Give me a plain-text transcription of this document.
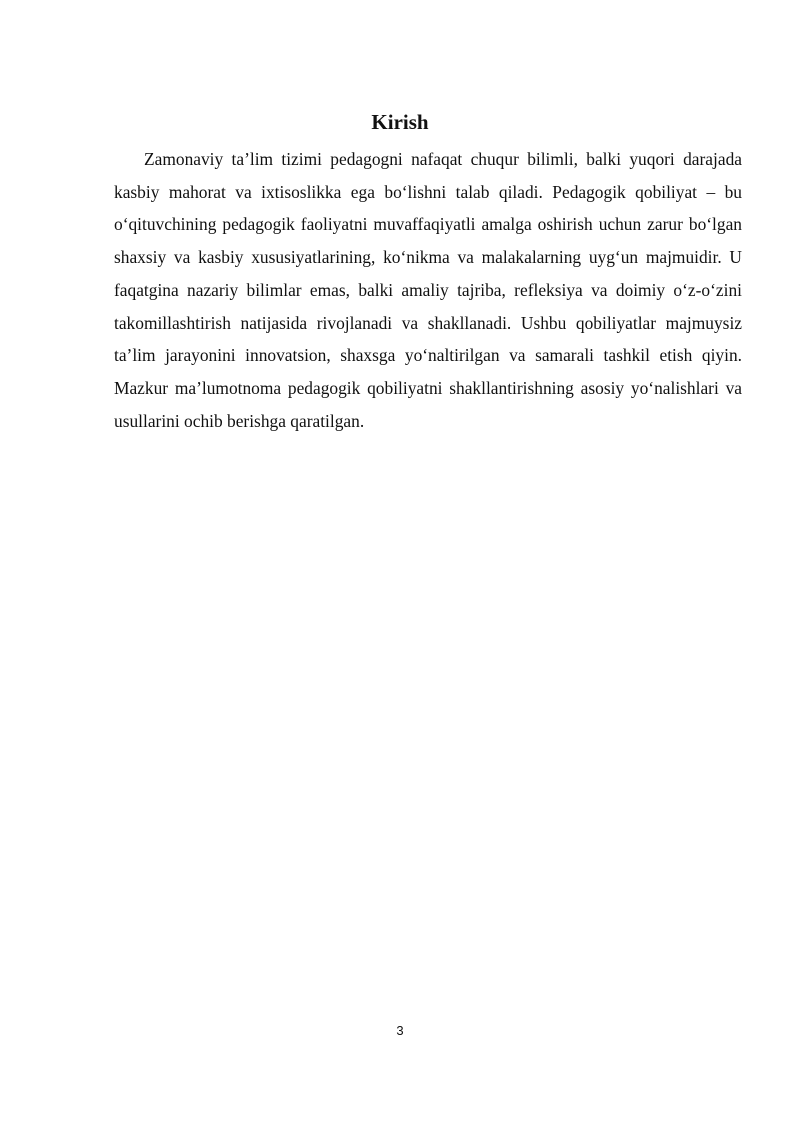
Kirish

Zamonaviy ta’lim tizimi pedagogni nafaqat chuqur bilimli, balki yuqori darajada kasbiy mahorat va ixtisoslikka ega bo‘lishni talab qiladi. Pedagogik qobiliyat – bu o‘qituvchining pedagogik faoliyatni muvaffaqiyatli amalga oshirish uchun zarur bo‘lgan shaxsiy va kasbiy xususiyatlarining, ko‘nikma va malakalarning uyg‘un majmuidir. U faqatgina nazariy bilimlar emas, balki amaliy tajriba, refleksiya va doimiy o‘z-o‘zini takomillashtirish natijasida rivojlanadi va shakllanadi. Ushbu qobiliyatlar majmuysiz ta’lim jarayonini innovatsion, shaxsga yo‘naltirilgan va samarali tashkil etish qiyin. Mazkur ma’lumotnoma pedagogik qobiliyatni shakllantirishning asosiy yo‘nalishlari va usullarini ochib berishga qaratilgan.

3
